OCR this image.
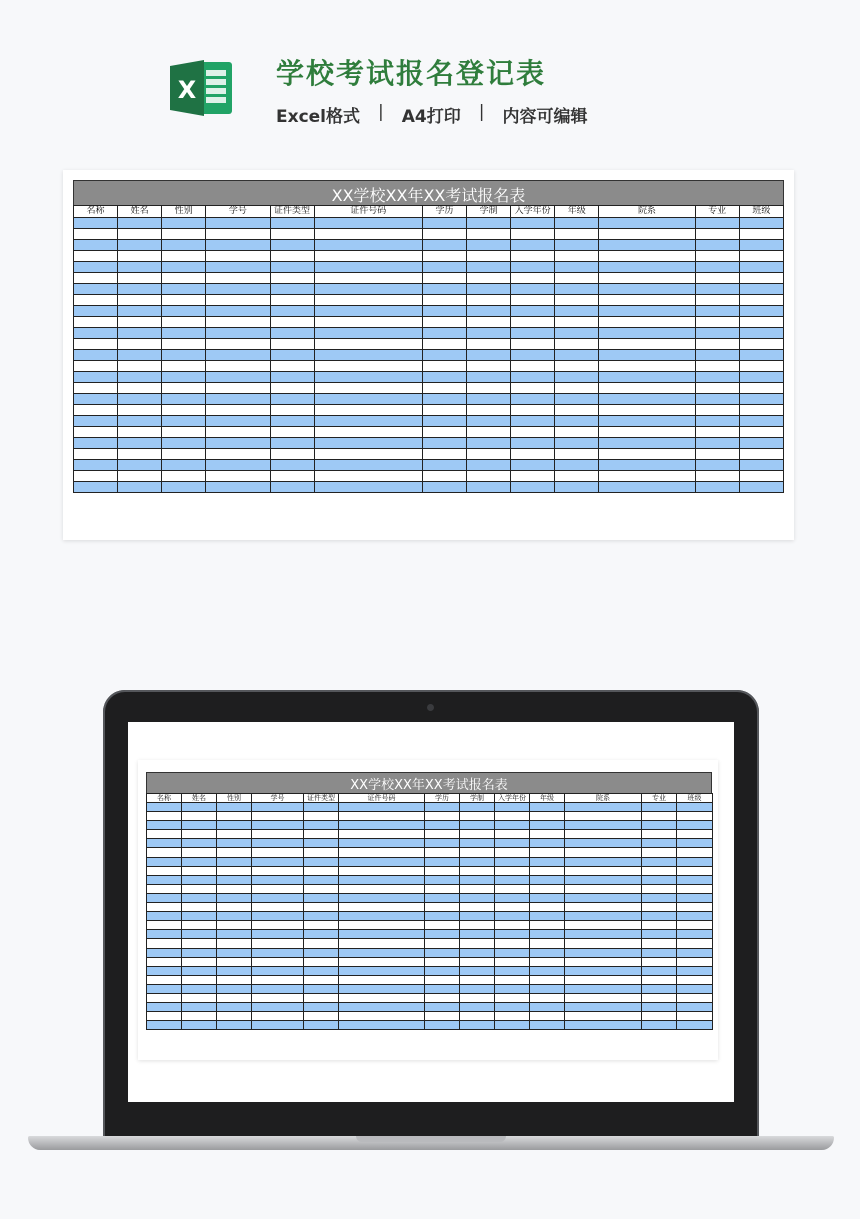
X	学校考试报名登记表
Excel格式 | A4打印 | 内容可编辑
XX学校XX年XX考试报名表
名称	姓名	性别	学号	证件类型	证件号码	学历	学制	入学年份	年级	院系	专业	班级

XX学校XX年XX考试报名表
名称	姓名	性别	学号	证件类型	证件号码	学历	学制	入学年份	年级	院系	专业	班级
